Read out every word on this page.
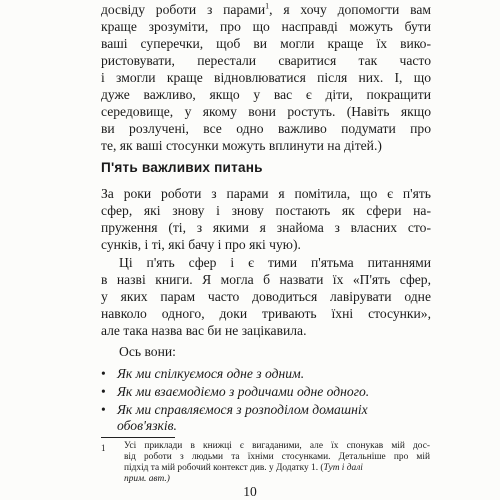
досвіду роботи з парами$^1$, я хочу допомогти вам
краще зрозуміти, про що насправді можуть бути
ваші суперечки, щоб ви могли краще їх вико-
ристовувати, перестали сваритися так часто
і змогли краще відновлюватися після них. І, що
дуже важливо, якщо у вас є діти, покращити
середовище, у якому вони ростуть. (Навіть якщо
ви розлучені, все одно важливо подумати про
те, як ваші стосунки можуть вплинути на дітей.)
П'ять важливих питань
За роки роботи з парами я помітила, що є п'ять
сфер, які знову і знову постають як сфери на-
пруження (ті, з якими я знайома з власних сто-
сунків, і ті, які бачу і про які чую).
Ці п'ять сфер і є тими п'ятьма питаннями
в назві книги. Я могла б назвати їх «П'ять сфер,
у яких парам часто доводиться лавірувати одне
навколо одного, доки тривають їхні стосунки»,
але така назва вас би не зацікавила.
Ось вони:
• Як ми спілкуємося одне з одним.
• Як ми взаємодіємо з родичами одне одного.
• Як ми справляємося з розподілом домашніх
обов'язків.
1 Усі приклади в книжці є вигаданими, але їх спонукав мій дос-
від роботи з людьми та їхніми стосунками. Детальніше про мій
підхід та мій робочий контекст див. у Додатку 1. (Тут і далі
прим. авт.)
10
